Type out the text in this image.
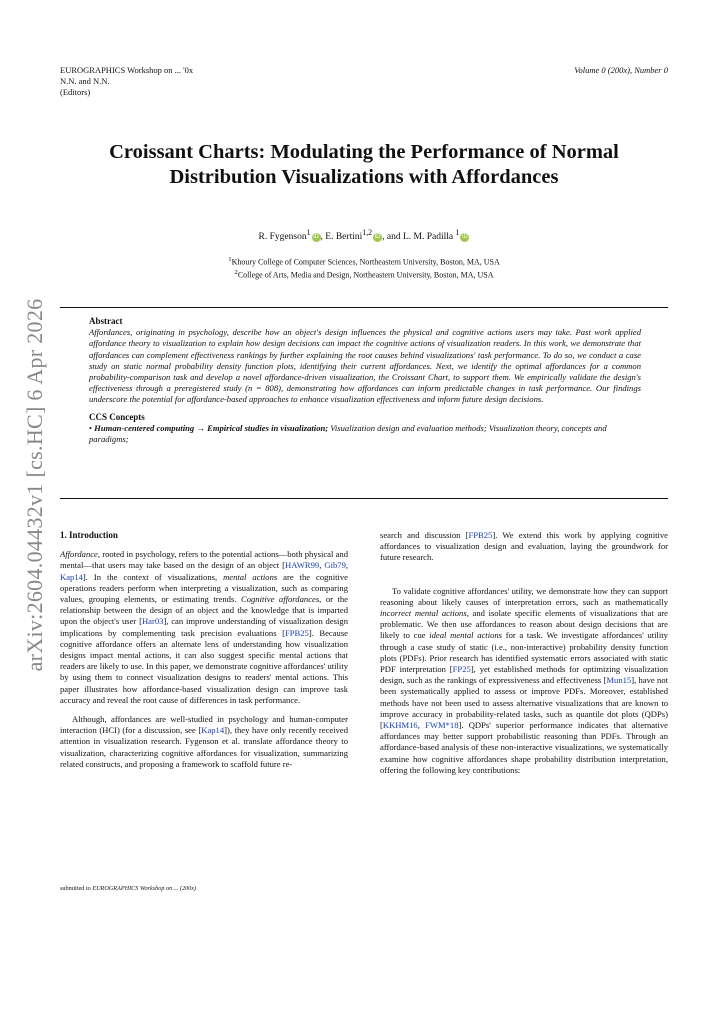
EUROGRAPHICS Workshop on ... '0x
N.N. and N.N.
(Editors)
Volume 0 (200x), Number 0
Croissant Charts: Modulating the Performance of Normal
Distribution Visualizations with Affordances
R. Fygenson$^1$iD , E. Bertini$^{1,2}$iD , and L. M. Padilla $^1$iD
$^1$Khoury College of Computer Sciences, Northeastern University, Boston, MA, USA
$^2$College of Arts, Media and Design, Northeastern University, Boston, MA, USA
Abstract
Affordances, originating in psychology, describe how an object's design influences the physical and cognitive actions users may take. Past work applied affordance theory to visualization to explain how design decisions can impact the cognitive actions of visualization readers. In this work, we demonstrate that affordances can complement effectiveness rankings by further explaining the root causes behind visualizations' task performance. To do so, we conduct a case study on static normal probability density function plots, identifying their current affordances. Next, we identify the optimal affordances for a common probability-comparison task and develop a novel affordance-driven visualization, the Croissant Chart, to support them. We empirically validate the design's effectiveness through a preregistered study (n = 808), demonstrating how affordances can inform predictable changes in task performance. Our findings underscore the potential for affordance-based approaches to enhance visualization effectiveness and inform future design decisions.
CCS Concepts
• Human-centered computing → Empirical studies in visualization; Visualization design and evaluation methods; Visualization theory, concepts and paradigms;
arXiv:2604.04432v1 [cs.HC] 6 Apr 2026 1. Introduction

Affordance, rooted in psychology, refers to the potential actions—both physical and mental—that users may take based on the design of an object [HAWR99, Gib79, Kap14]. In the context of visualizations, mental actions are the cognitive operations readers perform when interpreting a visualization, such as comparing values, grouping elements, or estimating trends. Cognitive affordances, or the relationship between the design of an object and the knowledge that is imparted upon the object's user [Har03], can improve understanding of visualization design implications by complementing task precision evaluations [FPB25]. Because cognitive affordance offers an alternate lens of understanding how visualization designs impact mental actions, it can also suggest specific mental actions that readers are likely to use. In this paper, we demonstrate cognitive affordances' utility by using them to connect visualization designs to readers' mental actions. This paper illustrates how affordance-based visualization design can improve task accuracy and reveal the root cause of differences in task performance.

Although, affordances are well-studied in psychology and human-computer interaction (HCI) (for a discussion, see [Kap14]), they have only recently received attention in visualization research. Fygenson et al. translate affordance theory to visualization, characterizing cognitive affordances for visualization, summarizing related constructs, and proposing a framework to scaffold future re-

search and discussion [FPB25]. We extend this work by applying cognitive affordances to visualization design and evaluation, laying the groundwork for future research.

To validate cognitive affordances' utility, we demonstrate how they can support reasoning about likely causes of interpretation errors, such as mathematically incorrect mental actions, and isolate specific elements of visualizations that are problematic. We then use affordances to reason about design decisions that are likely to cue ideal mental actions for a task. We investigate affordances' utility through a case study of static (i.e., non-interactive) probability density function plots (PDFs). Prior research has identified systematic errors associated with static PDF interpretation [FP25], yet established methods for optimizing visualization design, such as the rankings of expressiveness and effectiveness [Mun15], have not been systematically applied to assess or improve PDFs. Moreover, established methods have not been used to assess alternative visualizations that are known to improve accuracy in probability-related tasks, such as quantile dot plots (QDPs) [KKHM16, FWM*18]. QDPs' superior performance indicates that alternative affordances may better support probabilistic reasoning than PDFs. Through an affordance-based analysis of these non-interactive visualizations, we systematically examine how cognitive affordances shape probability distribution interpretation, offering the following key contributions:

submitted to EUROGRAPHICS Workshop on ... (200x)
